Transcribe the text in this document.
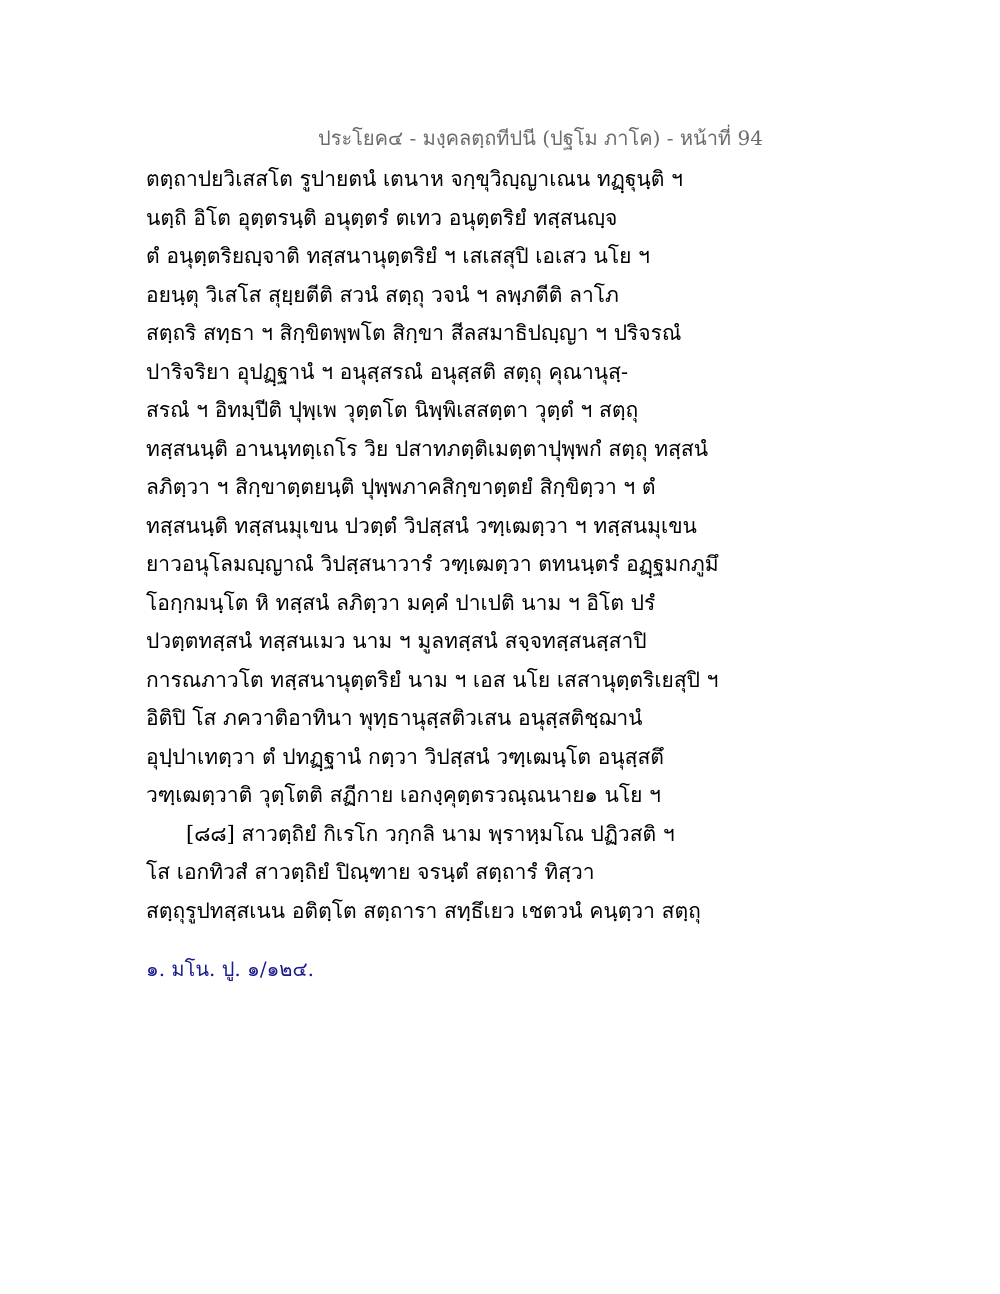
ประโยค๔ - มงฺคลตฺถทีปนี (ปฐโม ภาโค) - หน้าที่ 94
ตตฺถาปยวิเสสโต รูปายตนํ เตนาห จกฺขุวิญฺญาเณน ทฏฺฐุนฺติ ฯ
นตฺถิ อิโต อุตฺตรนฺติ อนุตฺตรํ ตเทว อนุตฺตริยํ ทสฺสนญฺจ
ตํ อนุตฺตริยญฺจาติ ทสฺสนานุตฺตริยํ ฯ เสเสสุปิ เอเสว นโย ฯ
อยนฺตุ วิเสโส สุยฺยตีติ สวนํ สตฺถุ วจนํ ฯ ลพฺภตีติ ลาโภ
สตฺถริ สทฺธา ฯ สิกฺขิตพฺพโต สิกฺขา สีลสมาธิปญฺญา ฯ ปริจรณํ
ปาริจริยา อุปฏฺฐานํ ฯ อนุสฺสรณํ อนุสฺสติ สตฺถุ คุณานุสฺ-
สรณํ ฯ อิทมฺปีติ ปุพฺเพ วุตฺตโต นิพฺพิเสสตฺตา วุตฺตํ ฯ สตฺถุ
ทสฺสนนฺติ อานนฺทตฺเถโร วิย ปสาทภตฺติเมตฺตาปุพฺพกํ สตฺถุ ทสฺสนํ
ลภิตฺวา ฯ สิกฺขาตฺตยนฺติ ปุพฺพภาคสิกฺขาตฺตยํ สิกฺขิตฺวา ฯ ตํ
ทสฺสนนฺติ ทสฺสนมุเขน ปวตฺตํ วิปสฺสนํ วฑฺเฒตฺวา ฯ ทสฺสนมุเขน
ยาวอนุโลมญฺญาณํ วิปสฺสนาวารํ วฑฺเฒตฺวา ตทนนฺตรํ อฏฺฐมกภูมึ
โอกฺกมนฺโต หิ ทสฺสนํ ลภิตฺวา มคฺคํ ปาเปติ นาม ฯ อิโต ปรํ
ปวตฺตทสฺสนํ ทสฺสนเมว นาม ฯ มูลทสฺสนํ สจฺจทสฺสนสฺสาปิ
การณภาวโต ทสฺสนานุตฺตริยํ นาม ฯ เอส นโย เสสานุตฺตริเยสุปิ ฯ
อิติปิ โส ภควาติอาทินา พุทฺธานุสฺสติวเสน อนุสฺสติชฺฌานํ
อุปฺปาเทตฺวา ตํ ปทฏฺฐานํ กตฺวา วิปสฺสนํ วฑฺเฒนฺโต อนุสฺสตึ
วฑฺเฒตฺวาติ วุตฺโตติ สฏีกาย เอกงฺคุตฺตรวณฺณนาย๑ นโย ฯ
[๘๘] สาวตฺถิยํ กิเรโก วกฺกลิ นาม พฺราหฺมโณ ปฏิวสติ ฯ
โส เอกทิวสํ สาวตฺถิยํ ปิณฺฑาย จรนฺตํ สตฺถารํ ทิสฺวา
สตฺถุรูปทสฺสเนน อติตฺโต สตฺถารา สทฺธึเยว เชตวนํ คนฺตฺวา สตฺถุ
๑. มโน. ปู. ๑/๑๒๔.
